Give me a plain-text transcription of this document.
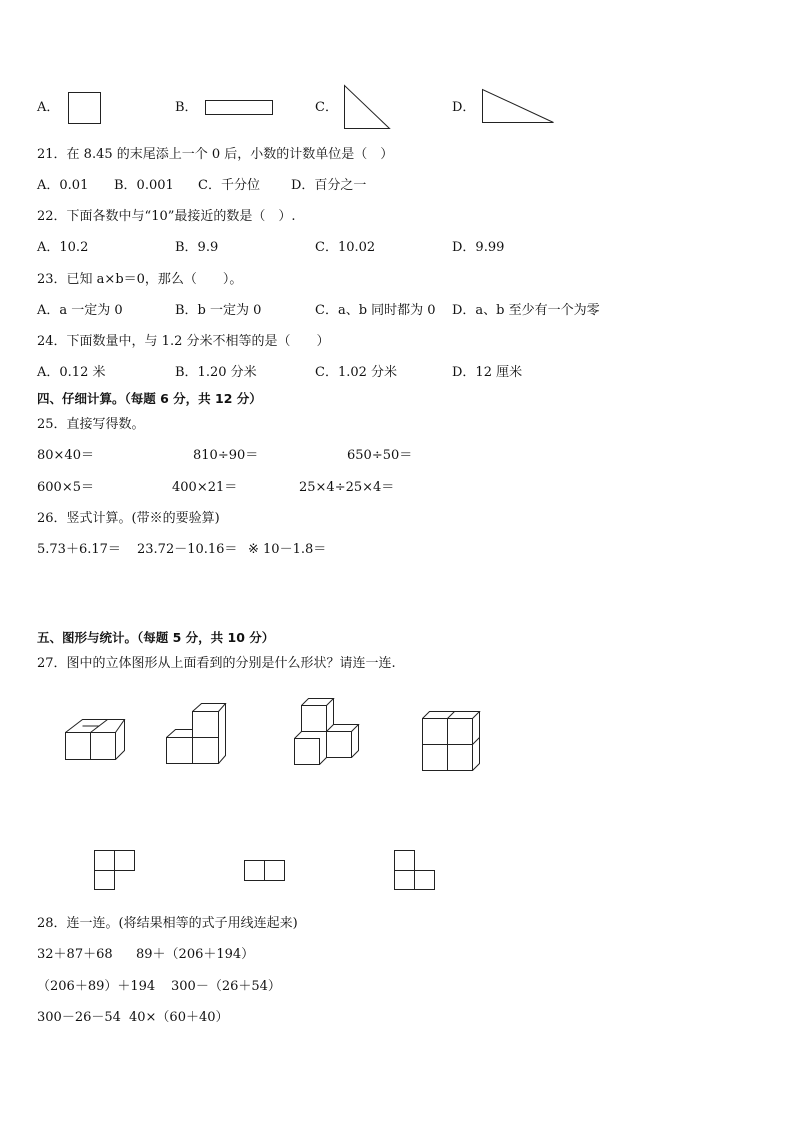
A．	B．	C．	D．
21．在 8.45 的末尾添上一个 0 后，小数的计数单位是（　）
A．0.01 B．0.001 C．千分位 D．百分之一
22．下面各数中与“10”最接近的数是（　）.
A．10.2	B．9.9	C．10.02	D．9.99
23．已知 a×b＝0，那么（　　）。
A．a 一定为 0	B．b 一定为 0	C．a、b 同时都为 0 D．a、b 至少有一个为零
24．下面数量中，与 1.2 分米不相等的是（　　）
A．0.12 米	B．1.20 分米	C．1.02 分米	D．12 厘米
四、仔细计算。（每题 6 分，共 12 分）
25．直接写得数。
80×40＝	810÷90＝	650÷50＝
600×5＝	400×21＝	25×4÷25×4＝
26．竖式计算。(带※的要验算)
5.73＋6.17＝ 23.72－10.16＝ ※ 10－1.8＝
五、图形与统计。（每题 5 分，共 10 分）
27．图中的立体图形从上面看到的分别是什么形状？请连一连.
28．连一连。(将结果相等的式子用线连起来)
32＋87＋68 89＋（206＋194）
（206＋89）＋194 300－（26＋54）
300－26－54 40×（60＋40）
